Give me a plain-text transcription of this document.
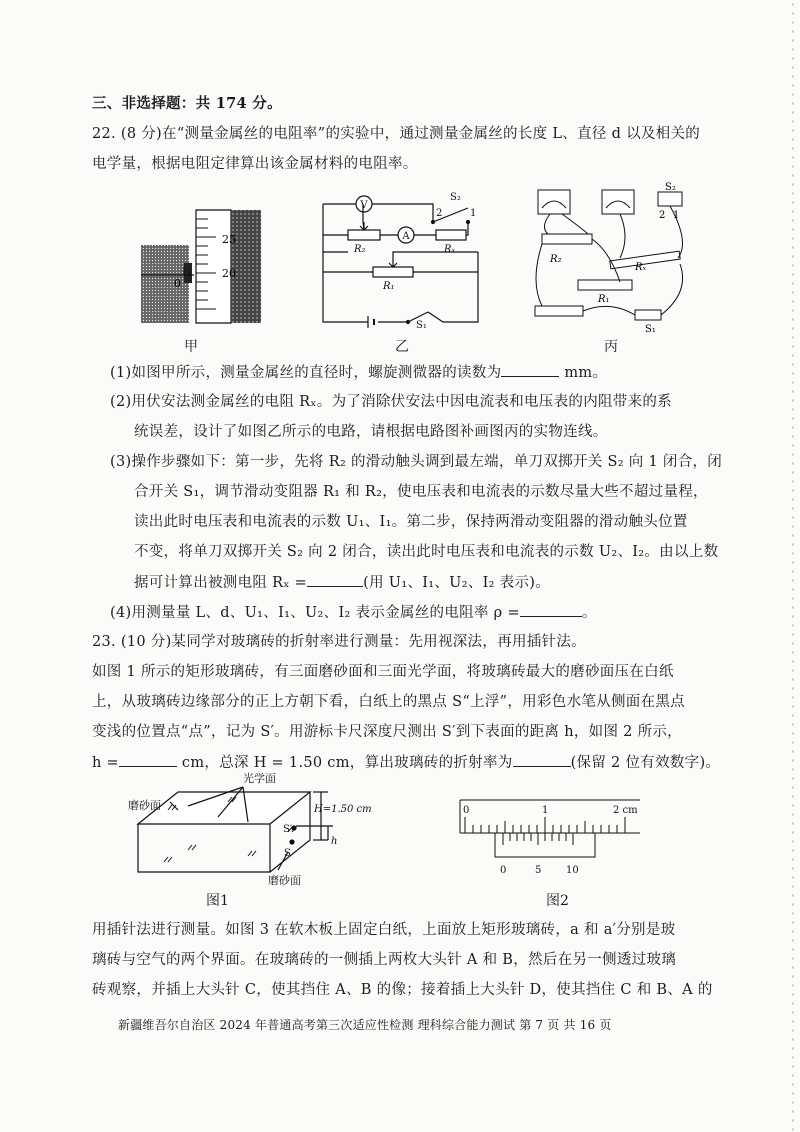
三、非选择题：共 174 分。
22. (8 分)在“测量金属丝的电阻率”的实验中，通过测量金属丝的长度 L、直径 d 以及相关的
电学量，根据电阻定律算出该金属材料的电阻率。
25
20
0
甲
V
A
R₂	Rₓ
R₁
S₁
S₂
2	1
乙
S₂
2 1
R₂
Rₓ
R₁
S₁
丙
(1)如图甲所示，测量金属丝的直径时，螺旋测微器的读数为	mm。
(2)用伏安法测金属丝的电阻 Rₓ。为了消除伏安法中因电流表和电压表的内阻带来的系
统误差，设计了如图乙所示的电路，请根据电路图补画图丙的实物连线。
(3)操作步骤如下：第一步，先将 R₂ 的滑动触头调到最左端，单刀双掷开关 S₂ 向 1 闭合，闭
合开关 S₁，调节滑动变阻器 R₁ 和 R₂，使电压表和电流表的示数尽量大些不超过量程，
读出此时电压表和电流表的示数 U₁、I₁。第二步，保持两滑动变阻器的滑动触头位置
不变，将单刀双掷开关 S₂ 向 2 闭合，读出此时电压表和电流表的示数 U₂、I₂。由以上数
据可计算出被测电阻 Rₓ =	(用 U₁、I₁、U₂、I₂ 表示)。
(4)用测量量 L、d、U₁、I₁、U₂、I₂ 表示金属丝的电阻率 ρ =	。
23. (10 分)某同学对玻璃砖的折射率进行测量：先用视深法，再用插针法。
如图 1 所示的矩形玻璃砖，有三面磨砂面和三面光学面，将玻璃砖最大的磨砂面压在白纸
上，从玻璃砖边缘部分的正上方朝下看，白纸上的黑点 S“上浮”，用彩色水笔从侧面在黑点
变浅的位置点“点”，记为 S′。用游标卡尺深度尺测出 S′到下表面的距离 h，如图 2 所示，
h =	cm，总深 H = 1.50 cm，算出玻璃砖的折射率为	(保留 2 位有效数字)。
光学面
磨砂面	H=1.50 cm
S′
S
h
磨砂面
图1
0	1	2 cm
0	5 10
图2
用插针法进行测量。如图 3 在软木板上固定白纸，上面放上矩形玻璃砖，a 和 a′分别是玻
璃砖与空气的两个界面。在玻璃砖的一侧插上两枚大头针 A 和 B，然后在另一侧透过玻璃
砖观察，并插上大头针 C，使其挡住 A、B 的像；接着插上大头针 D，使其挡住 C 和 B、A 的
新疆维吾尔自治区 2024 年普通高考第三次适应性检测 理科综合能力测试 第 7 页 共 16 页
